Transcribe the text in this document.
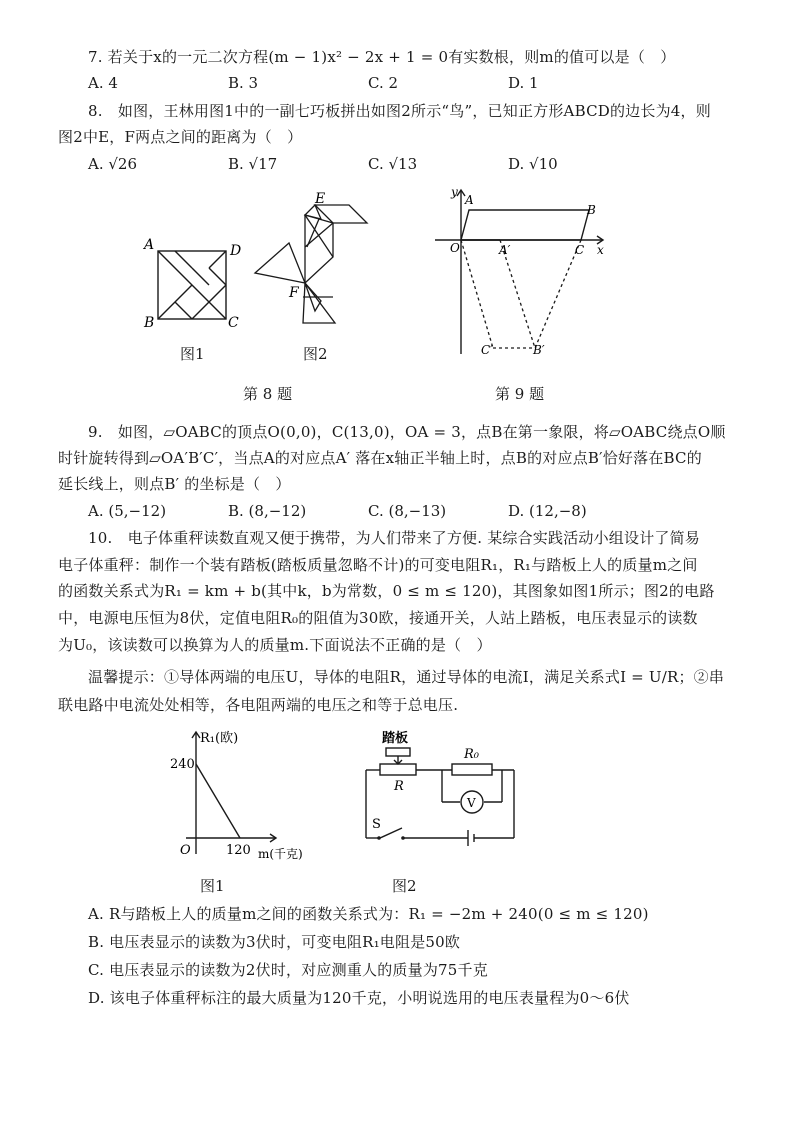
7. 若关于x的一元二次方程(m − 1)x² − 2x + 1 = 0有实数根，则m的值可以是（　）
A. 4	B. 3	C. 2	D. 1
8.　如图，王林用图1中的一副七巧板拼出如图2所示“鸟”，已知正方形ABCD的边长为4，则
图2中E，F两点之间的距离为（　）
A. √26	B. √17	C. √13	D. √10
A	D
B	C
图1
E
F
图2
y
A
B
O	A′	C x
C′	B′
第 8 题	第 9 题
9.　如图，▱OABC的顶点O(0,0)，C(13,0)，OA = 3，点B在第一象限，将▱OABC绕点O顺
时针旋转得到▱OA′B′C′，当点A的对应点A′ 落在x轴正半轴上时，点B的对应点B′恰好落在BC的
延长线上，则点B′ 的坐标是（　）
A. (5,−12)	B. (8,−12)	C. (8,−13)	D. (12,−8)
10.　电子体重秤读数直观又便于携带，为人们带来了方便. 某综合实践活动小组设计了简易
电子体重秤：制作一个装有踏板(踏板质量忽略不计)的可变电阻R₁，R₁与踏板上人的质量m之间
的函数关系式为R₁ = km + b(其中k，b为常数，0 ≤ m ≤ 120)，其图象如图1所示；图2的电路
中，电源电压恒为8伏，定值电阻R₀的阻值为30欧，接通开关，人站上踏板，电压表显示的读数
为U₀，该读数可以换算为人的质量m.下面说法不正确的是（　）
温馨提示：①导体两端的电压U，导体的电阻R，通过导体的电流I，满足关系式I = U/R；②串
联电路中电流处处相等，各电阻两端的电压之和等于总电压.
R₁(欧)
240
O	120 m(千克)
图1
踏板
R₀
R
V
S
图2
A. R与踏板上人的质量m之间的函数关系式为：R₁ = −2m + 240(0 ≤ m ≤ 120)
B. 电压表显示的读数为3伏时，可变电阻R₁电阻是50欧
C. 电压表显示的读数为2伏时，对应测重人的质量为75千克
D. 该电子体重秤标注的最大质量为120千克，小明说选用的电压表量程为0～6伏
